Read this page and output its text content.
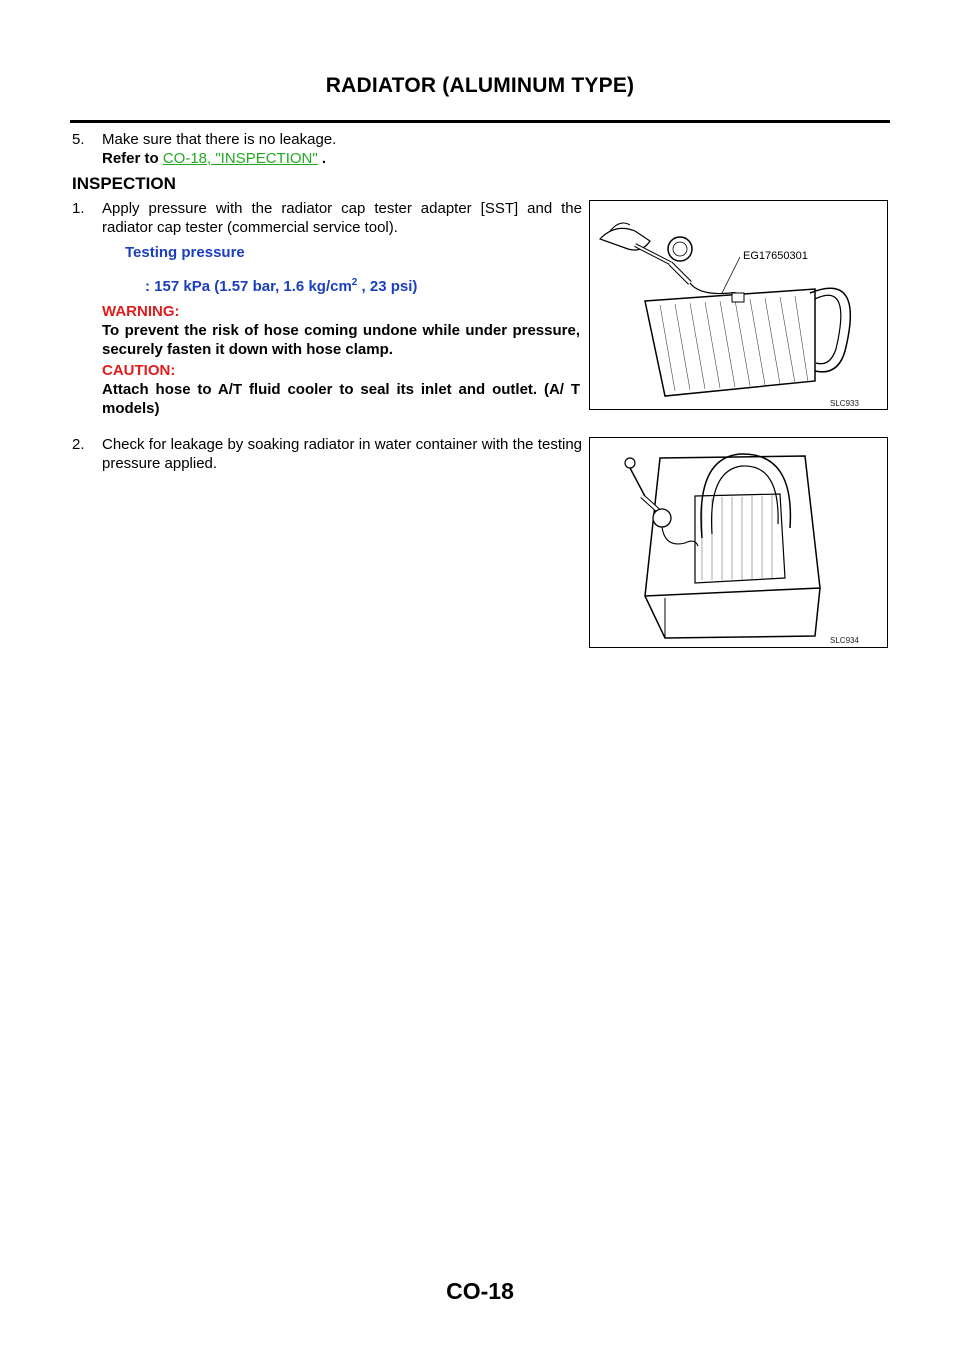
RADIATOR (ALUMINUM TYPE)
5. Make sure that there is no leakage.
Refer to CO-18, "INSPECTION" .
INSPECTION
1. Apply pressure with the radiator cap tester adapter [SST] and the radiator cap tester (commercial service tool).
Testing pressure
: 157 kPa (1.57 bar, 1.6 $kg/cm^2$ , 23 psi)
WARNING:
To prevent the risk of hose coming undone while under pressure, securely fasten it down with hose clamp.
CAUTION:
Attach hose to A/T fluid cooler to seal its inlet and outlet. (A/ T models)
2. Check for leakage by soaking radiator in water container with the testing pressure applied.
EG17650301
SLC933
SLC934
CO-18
